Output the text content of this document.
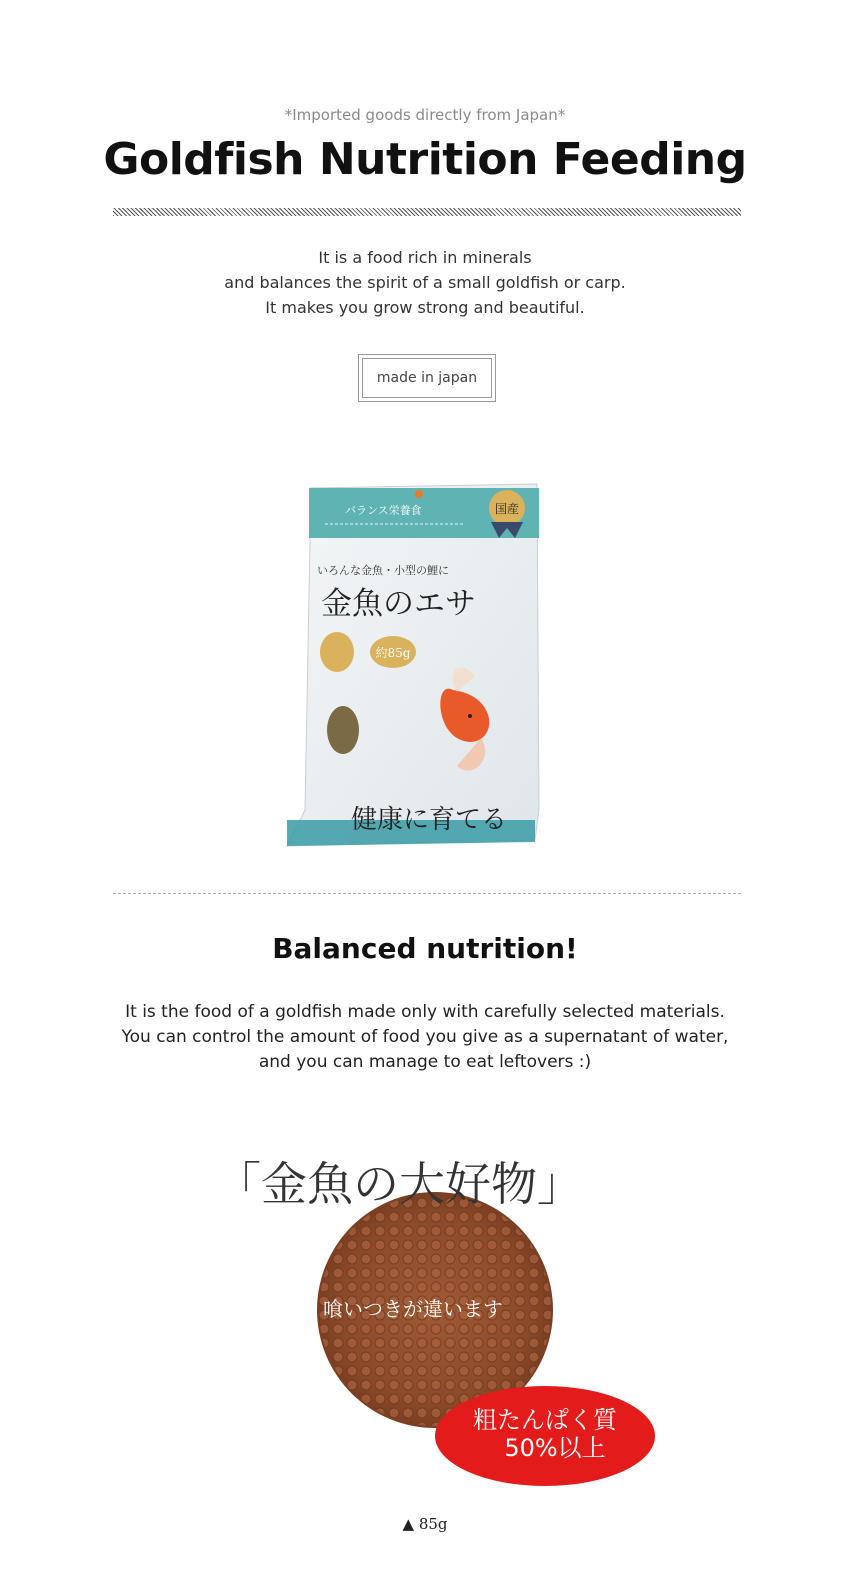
*Imported goods directly from Japan*
Goldfish Nutrition Feeding
It is a food rich in minerals
and balances the spirit of a small goldfish or carp.
It makes you grow strong and beautiful.
made in japan
バランス栄養食	国産
いろんな金魚・小型の鯉に
金魚のエサ
約85g
健康に育てる
Balanced nutrition!
It is the food of a goldfish made only with carefully selected materials.
You can control the amount of food you give as a supernatant of water,
and you can manage to eat leftovers :)
「金魚の大好物」
喰いつきが違います
粗たんぱく質
50%以上
▲ 85g
